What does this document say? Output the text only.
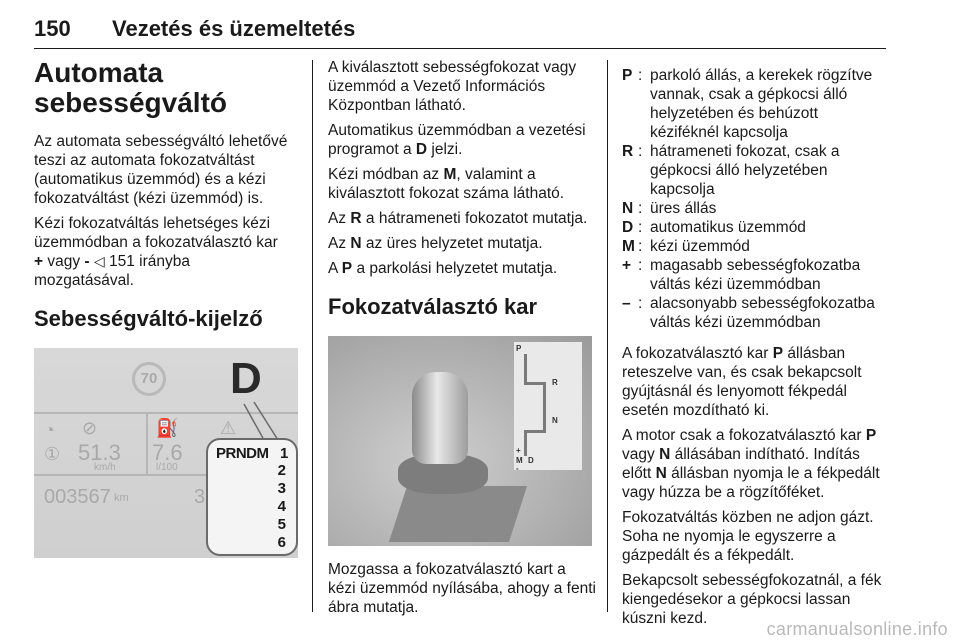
150 Vezetés és üzemeltetés
Automata
sebességváltó

Az automata sebességváltó lehetővé teszi az automata fokozatváltást (automatikus üzemmód) és a kézi fokozatváltást (kézi üzemmód) is.

Kézi fokozatváltás lehetséges kézi üzemmódban a fokozatválasztó kar
+ vagy - ◁ 151 irányba
mozgatásával.

Sebességváltó-kijelző
70 D
◔
①
⊘	⛽ ⚠
51.3
km/h
7.6
l/100
003567 km	3
PRNDM 1
2
3
4
5
6

A kiválasztott sebességfokozat vagy üzemmód a Vezető Információs Központban látható.

Automatikus üzemmódban a vezetési programot a D jelzi.

Kézi módban az M, valamint a kiválasztott fokozat száma látható.

Az R a hátrameneti fokozatot mutatja.

Az N az üres helyzetet mutatja.

A P a parkolási helyzetet mutatja.

Fokozatválasztó kar
P
R
N
+
M D
-

Mozgassa a fokozatválasztó kart a kézi üzemmód nyílásába, ahogy a fenti ábra mutatja.

P : parkoló állás, a kerekek rögzítve vannak, csak a gépkocsi álló helyzetében és behúzott kéziféknél kapcsolja
R : hátrameneti fokozat, csak a gépkocsi álló helyzetében kapcsolja
N : üres állás
D : automatikus üzemmód
M : kézi üzemmód
+ : magasabb sebességfokozatba váltás kézi üzemmódban
– : alacsonyabb sebességfokozatba váltás kézi üzemmódban

A fokozatválasztó kar P állásban reteszelve van, és csak bekapcsolt gyújtásnál és lenyomott fékpedál esetén mozdítható ki.

A motor csak a fokozatválasztó kar P vagy N állásában indítható. Indítás előtt N állásban nyomja le a fékpedált vagy húzza be a rögzítőféket.

Fokozatváltás közben ne adjon gázt. Soha ne nyomja le egyszerre a gázpedált és a fékpedált.

Bekapcsolt sebességfokozatnál, a fék kiengedésekor a gépkocsi lassan kúszni kezd.

carmanualsonline.info
